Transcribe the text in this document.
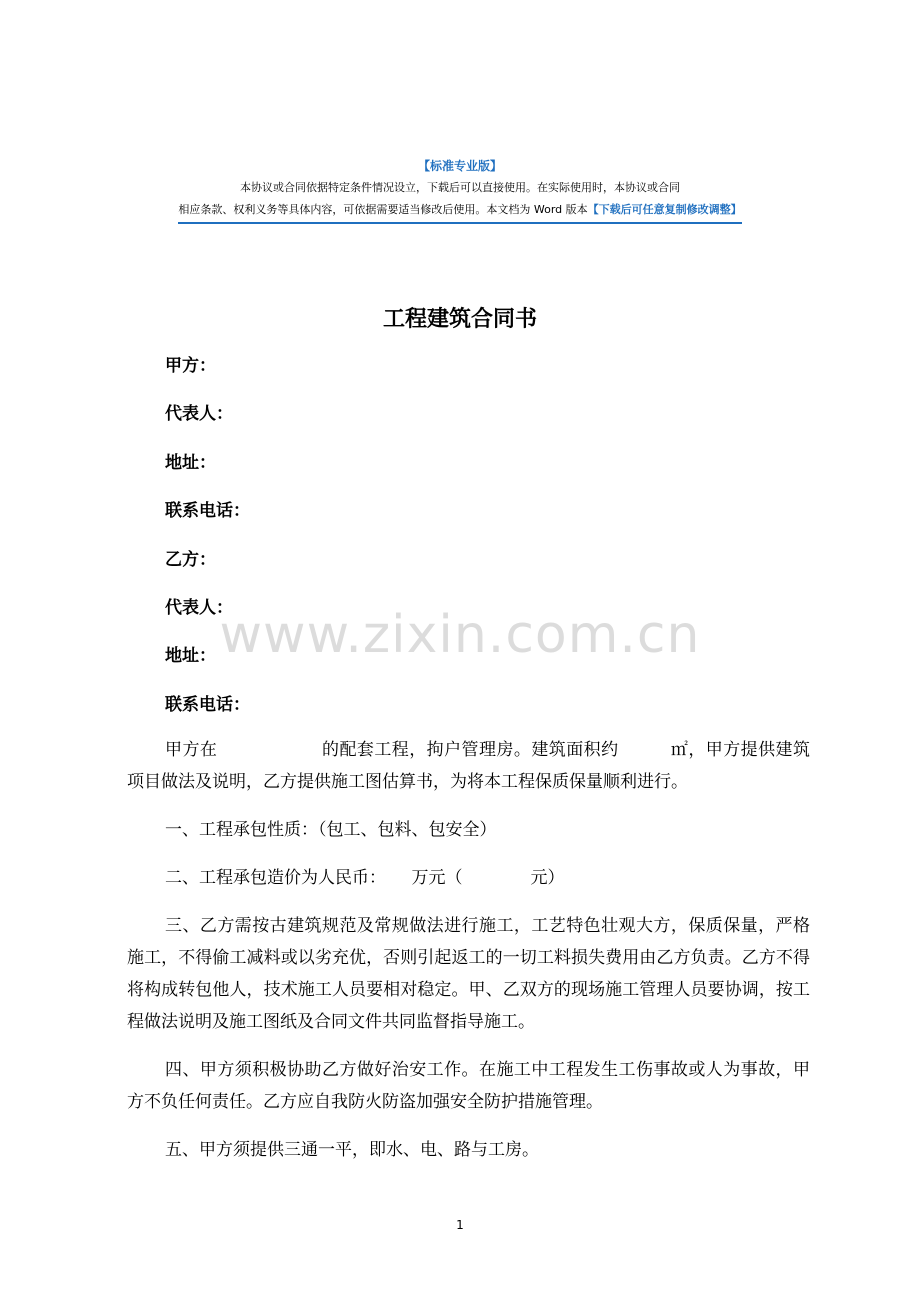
【标准专业版】
本协议或合同依据特定条件情况设立，下载后可以直接使用。在实际使用时，本协议或合同
相应条款、权利义务等具体内容，可依据需要适当修改后使用。本文档为 Word 版本【下载后可任意复制修改调整】
工程建筑合同书
甲方：
代表人：
地址：
联系电话：
乙方：
代表人：
地址：
联系电话：
www.zixin.com.cn

甲方在　　　　　　的配套工程，拘户管理房。建筑面积约　　　㎡，甲方提供建筑项目做法及说明，乙方提供施工图估算书，为将本工程保质保量顺利进行。

一、工程承包性质：（包工、包料、包安全）

二、工程承包造价为人民币：　　万元（　　　　元）

三、乙方需按古建筑规范及常规做法进行施工，工艺特色壮观大方，保质保量，严格施工，不得偷工减料或以劣充优，否则引起返工的一切工料损失费用由乙方负责。乙方不得将构成转包他人，技术施工人员要相对稳定。甲、乙双方的现场施工管理人员要协调，按工程做法说明及施工图纸及合同文件共同监督指导施工。

四、甲方须积极协助乙方做好治安工作。在施工中工程发生工伤事故或人为事故，甲方不负任何责任。乙方应自我防火防盗加强安全防护措施管理。

五、甲方须提供三通一平，即水、电、路与工房。

1
